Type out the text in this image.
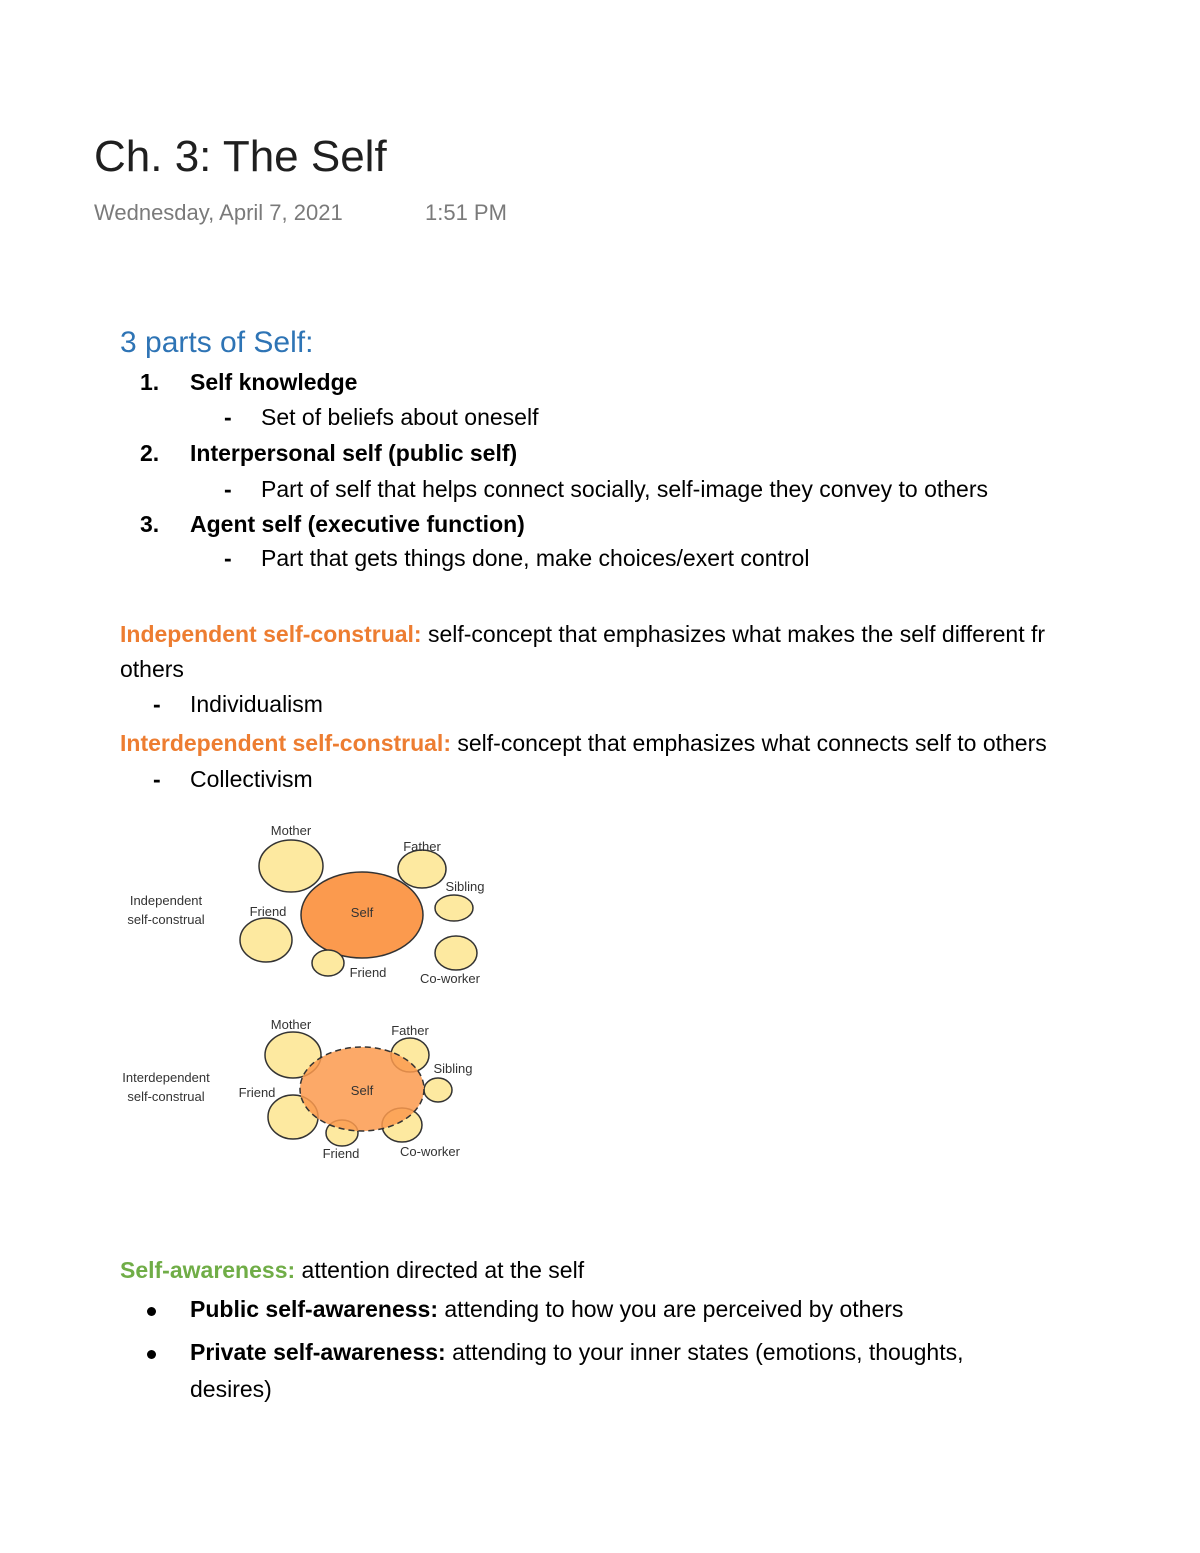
Ch. 3: The Self
Wednesday, April 7, 2021	1:51 PM
3 parts of Self:
1. Self knowledge
- Set of beliefs about oneself
2. Interpersonal self (public self)
- Part of self that helps connect socially, self-image they convey to others
3. Agent self (executive function)
- Part that gets things done, make choices/exert control
Independent self-construal: self-concept that emphasizes what makes the self different fr
others
- Individualism
Interdependent self-construal: self-concept that emphasizes what connects self to others
- Collectivism
Independent
self-construal
Mother
Father
Sibling
Friend	Self
Friend	Co-worker
Interdependent
self-construal
Mother	Father
Sibling
Friend
Friend	Co-worker
Self
Self-awareness: attention directed at the self
Public self-awareness: attending to how you are perceived by others
Private self-awareness: attending to your inner states (emotions, thoughts,
desires)
